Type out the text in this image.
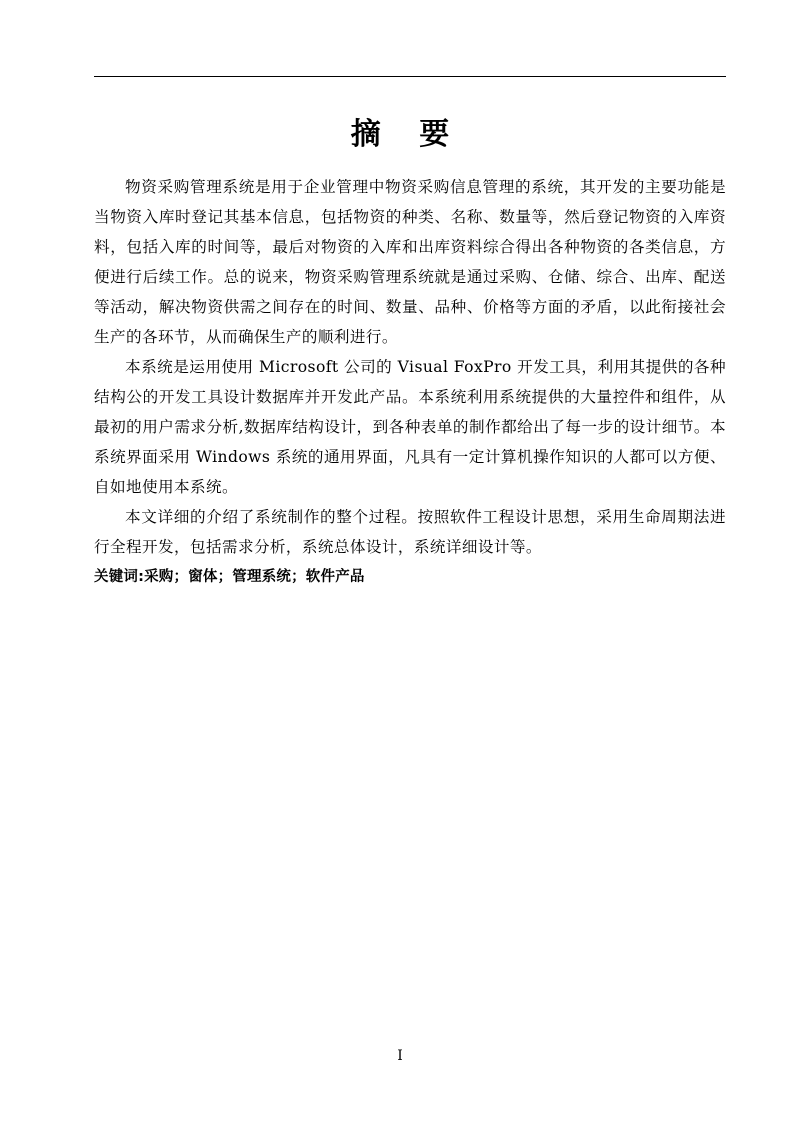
摘 要

物资采购管理系统是用于企业管理中物资采购信息管理的系统，其开发的主要功能是当物资入库时登记其基本信息，包括物资的种类、名称、数量等，然后登记物资的入库资料，包括入库的时间等，最后对物资的入库和出库资料综合得出各种物资的各类信息，方便进行后续工作。总的说来，物资采购管理系统就是通过采购、仓储、综合、出库、配送等活动，解决物资供需之间存在的时间、数量、品种、价格等方面的矛盾，以此衔接社会生产的各环节，从而确保生产的顺利进行。

本系统是运用使用 Microsoft 公司的 Visual FoxPro 开发工具，利用其提供的各种结构公的开发工具设计数据库并开发此产品。本系统利用系统提供的大量控件和组件，从最初的用户需求分析,数据库结构设计，到各种表单的制作都给出了每一步的设计细节。本系统界面采用 Windows 系统的通用界面，凡具有一定计算机操作知识的人都可以方便、自如地使用本系统。

本文详细的介绍了系统制作的整个过程。按照软件工程设计思想，采用生命周期法进行全程开发，包括需求分析，系统总体设计，系统详细设计等。

关键词:采购；窗体；管理系统；软件产品

I
